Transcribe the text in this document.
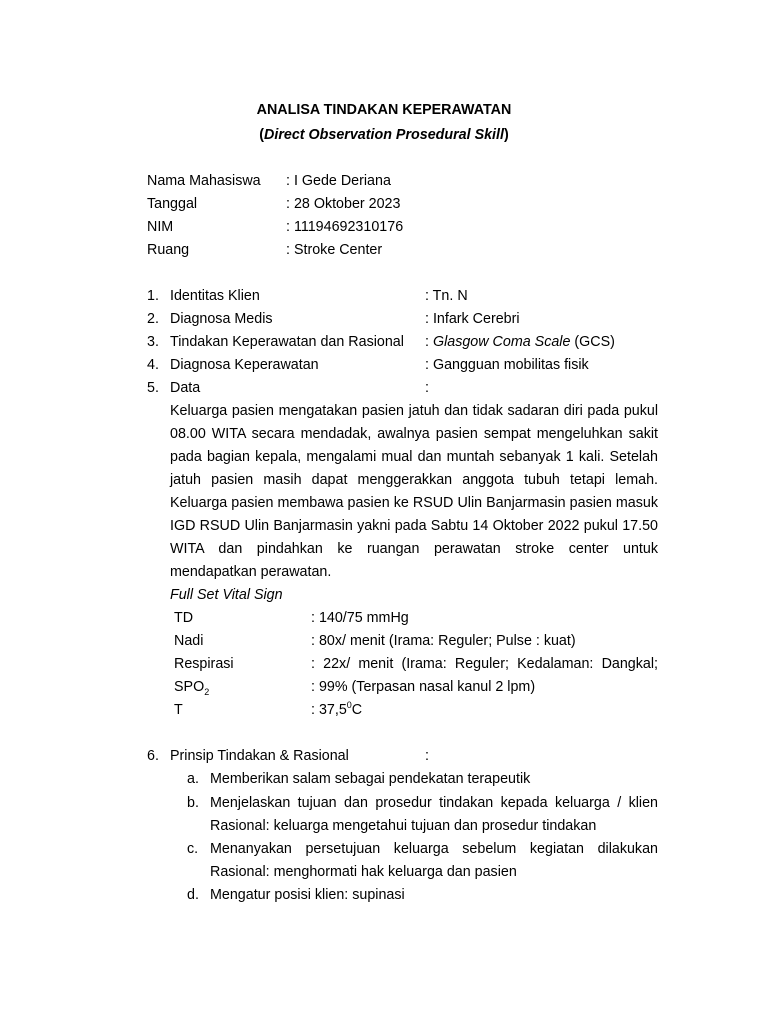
ANALISA TINDAKAN KEPERAWATAN
(Direct Observation Prosedural Skill)
Nama Mahasiswa : I Gede Deriana
Tanggal	: 28 Oktober 2023
NIM	: 11194692310176
Ruang	: Stroke Center
1. Identitas Klien	: Tn. N
2. Diagnosa Medis	: Infark Cerebri
3. Tindakan Keperawatan dan Rasional : Glasgow Coma Scale (GCS)
4. Diagnosa Keperawatan	: Gangguan mobilitas fisik
5. Data	:
Keluarga pasien mengatakan pasien jatuh dan tidak sadaran diri pada pukul
08.00 WITA secara mendadak, awalnya pasien sempat mengeluhkan sakit
pada bagian kepala, mengalami mual dan muntah sebanyak 1 kali. Setelah
jatuh pasien masih dapat menggerakkan anggota tubuh tetapi lemah.
Keluarga pasien membawa pasien ke RSUD Ulin Banjarmasin pasien masuk
IGD RSUD Ulin Banjarmasin yakni pada Sabtu 14 Oktober 2022 pukul 17.50
WITA dan pindahkan ke ruangan perawatan stroke center untuk
mendapatkan perawatan.
Full Set Vital Sign
TD	: 140/75 mmHg
Nadi	: 80x/ menit (Irama: Reguler; Pulse : kuat)
Respirasi	: 22x/ menit (Irama: Reguler; Kedalaman: Dangkal;
$SPO_2$	: 99% (Terpasan nasal kanul 2 lpm)
T	: 37,5$^0$C
6. Prinsip Tindakan & Rasional	:
a. Memberikan salam sebagai pendekatan terapeutik
b. Menjelaskan tujuan dan prosedur tindakan kepada keluarga / klien
Rasional: keluarga mengetahui tujuan dan prosedur tindakan
c. Menanyakan persetujuan keluarga sebelum kegiatan dilakukan
Rasional: menghormati hak keluarga dan pasien
d. Mengatur posisi klien: supinasi
